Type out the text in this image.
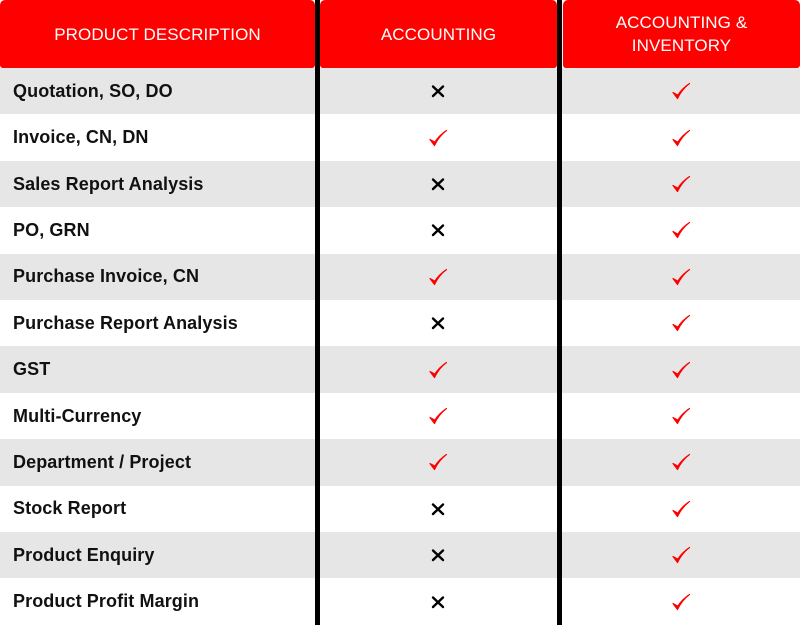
PRODUCT DESCRIPTION	ACCOUNTING
ACCOUNTING & INVENTORY
Quotation, SO, DO
Invoice, CN, DN
Sales Report Analysis
PO, GRN
Purchase Invoice, CN
Purchase Report Analysis
GST
Multi-Currency
Department / Project
Stock Report
Product Enquiry
Product Profit Margin
